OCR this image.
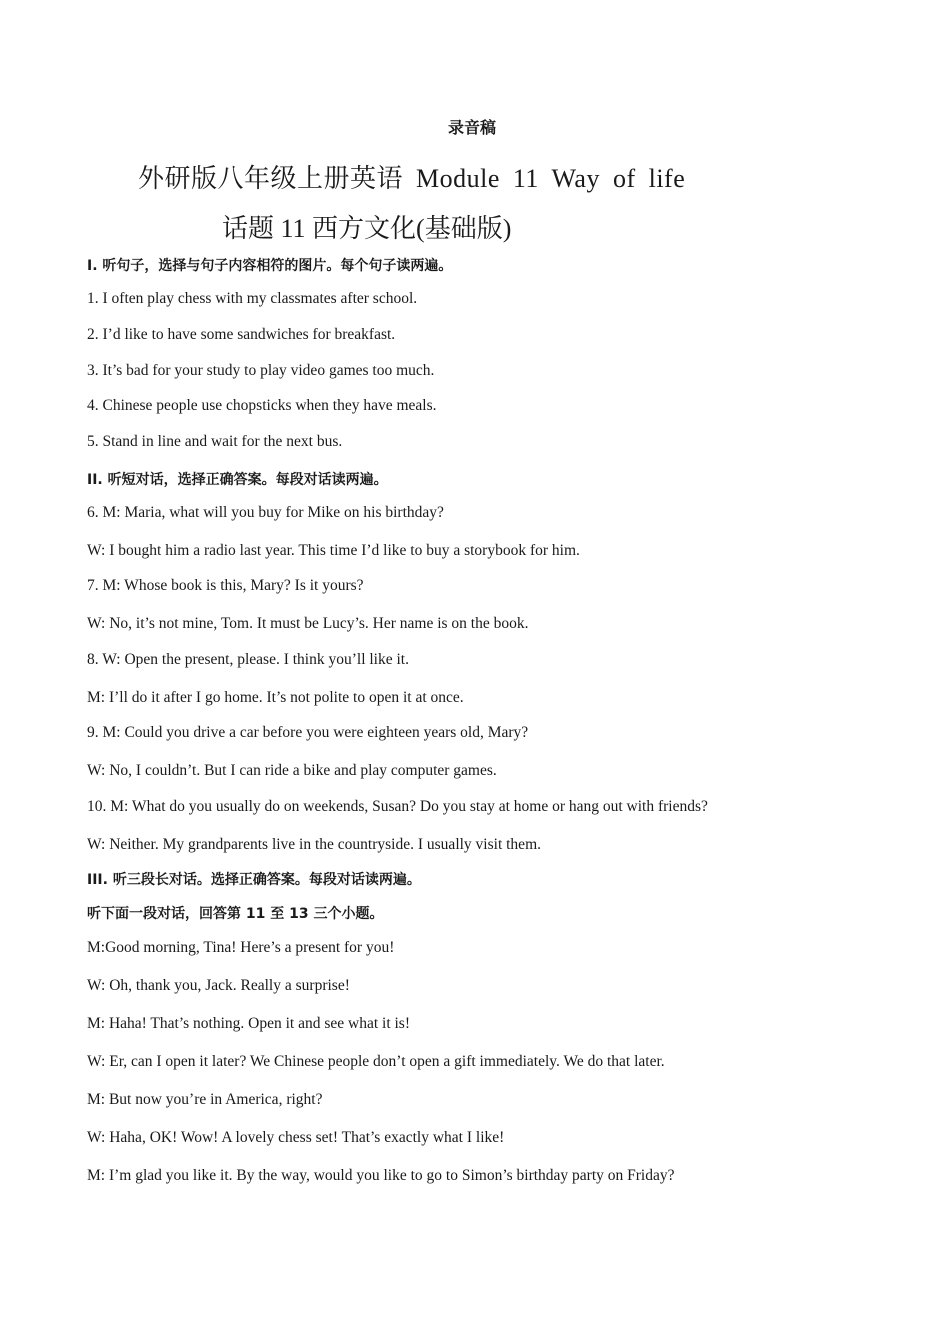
录音稿
外研版八年级上册英语 Module 11 Way of life
话题 11 西方文化(基础版)
Ⅰ. 听句子，选择与句子内容相符的图片。每个句子读两遍。
1. I often play chess with my classmates after school.
2. I’d like to have some sandwiches for breakfast.
3. It’s bad for your study to play video games too much.
4. Chinese people use chopsticks when they have meals.
5. Stand in line and wait for the next bus.
II. 听短对话，选择正确答案。每段对话读两遍。
6. M: Maria, what will you buy for Mike on his birthday?
W: I bought him a radio last year. This time I’d like to buy a storybook for him.
7. M: Whose book is this, Mary? Is it yours?
W: No, it’s not mine, Tom. It must be Lucy’s. Her name is on the book.
8. W: Open the present, please. I think you’ll like it.
M: I’ll do it after I go home. It’s not polite to open it at once.
9. M: Could you drive a car before you were eighteen years old, Mary?
W: No, I couldn’t. But I can ride a bike and play computer games.
10. M: What do you usually do on weekends, Susan? Do you stay at home or hang out with friends?
W: Neither. My grandparents live in the countryside. I usually visit them.
III. 听三段长对话。选择正确答案。每段对话读两遍。
听下面一段对话，回答第 11 至 13 三个小题。
M:Good morning, Tina! Here’s a present for you!
W: Oh, thank you, Jack. Really a surprise!
M: Haha! That’s nothing. Open it and see what it is!
W: Er, can I open it later? We Chinese people don’t open a gift immediately. We do that later.
M: But now you’re in America, right?
W: Haha, OK! Wow! A lovely chess set! That’s exactly what I like!
M: I’m glad you like it. By the way, would you like to go to Simon’s birthday party on Friday?
